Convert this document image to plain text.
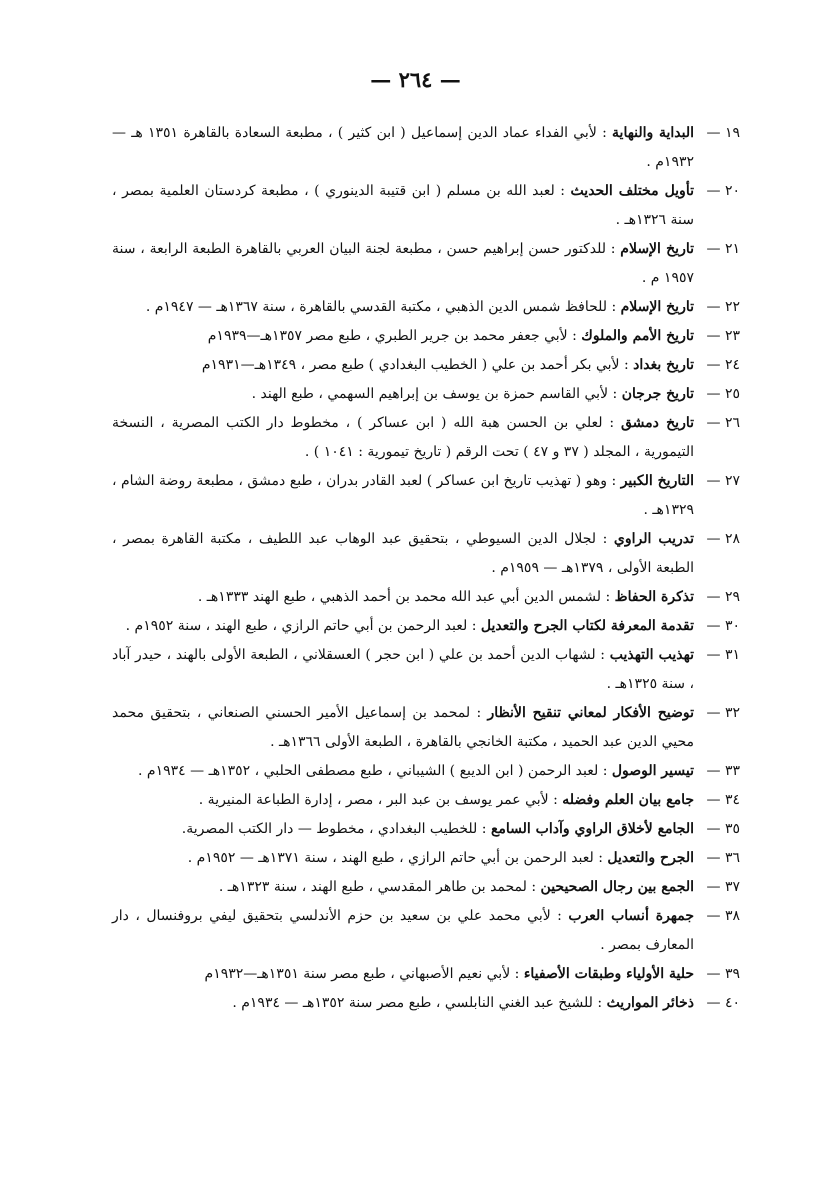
— ٢٦٤ —
١٩ —
البداية والنهاية : لأبي الفداء عماد الدين إسماعيل ( ابن كثير ) ، مطبعة السعادة بالقاهرة ١٣٥١ هـ — ١٩٣٢م .
٢٠ —
تأويل مختلف الحديث : لعبد الله بن مسلم ( ابن قتيبة الدينوري ) ، مطبعة كردستان العلمية بمصر ، سنة ١٣٢٦هـ .
٢١ —
تاريخ الإسلام : للدكتور حسن إبراهيم حسن ، مطبعة لجنة البيان العربي بالقاهرة الطبعة الرابعة ، سنة ١٩٥٧ م .
٢٢ —
تاريخ الإسلام : للحافظ شمس الدين الذهبي ، مكتبة القدسي بالقاهرة ، سنة ١٣٦٧هـ — ١٩٤٧م .
٢٣ —
تاريخ الأمم والملوك : لأبي جعفر محمد بن جرير الطبري ، طبع مصر ١٣٥٧هـ—١٩٣٩م
٢٤ —
تاريخ بغداد : لأبي بكر أحمد بن علي ( الخطيب البغدادي ) طبع مصر ، ١٣٤٩هـ—١٩٣١م
٢٥ —
تاريخ جرجان : لأبي القاسم حمزة بن يوسف بن إبراهيم السهمي ، طبع الهند .
٢٦ —
تاريخ دمشق : لعلي بن الحسن هبة الله ( ابن عساكر ) ، مخطوط دار الكتب المصرية ، النسخة التيمورية ، المجلد ( ٣٧ و ٤٧ ) تحت الرقم ( تاريخ تيمورية : ١٠٤١ ) .
٢٧ —
التاريخ الكبير : وهو ( تهذيب تاريخ ابن عساكر ) لعبد القادر بدران ، طبع دمشق ، مطبعة روضة الشام ، ١٣٢٩هـ .
٢٨ —
تدريب الراوي : لجلال الدين السيوطي ، بتحقيق عبد الوهاب عبد اللطيف ، مكتبة القاهرة بمصر ، الطبعة الأولى ، ١٣٧٩هـ — ١٩٥٩م .
٢٩ —
تذكرة الحفاظ : لشمس الدين أبي عبد الله محمد بن أحمد الذهبي ، طبع الهند ١٣٣٣هـ .
٣٠ —
تقدمة المعرفة لكتاب الجرح والتعديل : لعبد الرحمن بن أبي حاتم الرازي ، طبع الهند ، سنة ١٩٥٢م .
٣١ —
تهذيب التهذيب : لشهاب الدين أحمد بن علي ( ابن حجر ) العسقلاني ، الطبعة الأولى بالهند ، حيدر آباد ، سنة ١٣٢٥هـ .
٣٢ —
توضيح الأفكار لمعاني تنقيح الأنظار : لمحمد بن إسماعيل الأمير الحسني الصنعاني ، بتحقيق محمد محيي الدين عبد الحميد ، مكتبة الخانجي بالقاهرة ، الطبعة الأولى ١٣٦٦هـ .
٣٣ —
تيسير الوصول : لعبد الرحمن ( ابن الديبع ) الشيباني ، طبع مصطفى الحلبي ، ١٣٥٢هـ — ١٩٣٤م .
٣٤ —
جامع بيان العلم وفضله : لأبي عمر يوسف بن عبد البر ، مصر ، إدارة الطباعة المنيرية .
٣٥ —
الجامع لأخلاق الراوي وآداب السامع : للخطيب البغدادي ، مخطوط — دار الكتب المصرية.
٣٦ —
الجرح والتعديل : لعبد الرحمن بن أبي حاتم الرازي ، طبع الهند ، سنة ١٣٧١هـ — ١٩٥٢م .
٣٧ —
الجمع بين رجال الصحيحين : لمحمد بن طاهر المقدسي ، طبع الهند ، سنة ١٣٢٣هـ .
٣٨ —
جمهرة أنساب العرب : لأبي محمد علي بن سعيد بن حزم الأندلسي بتحقيق ليفي بروفنسال ، دار المعارف بمصر .
٣٩ —
حلية الأولياء وطبقات الأصفياء : لأبي نعيم الأصبهاني ، طبع مصر سنة ١٣٥١هـ—١٩٣٢م
٤٠ —
ذخائر المواريث : للشيخ عبد الغني النابلسي ، طبع مصر سنة ١٣٥٢هـ — ١٩٣٤م .
